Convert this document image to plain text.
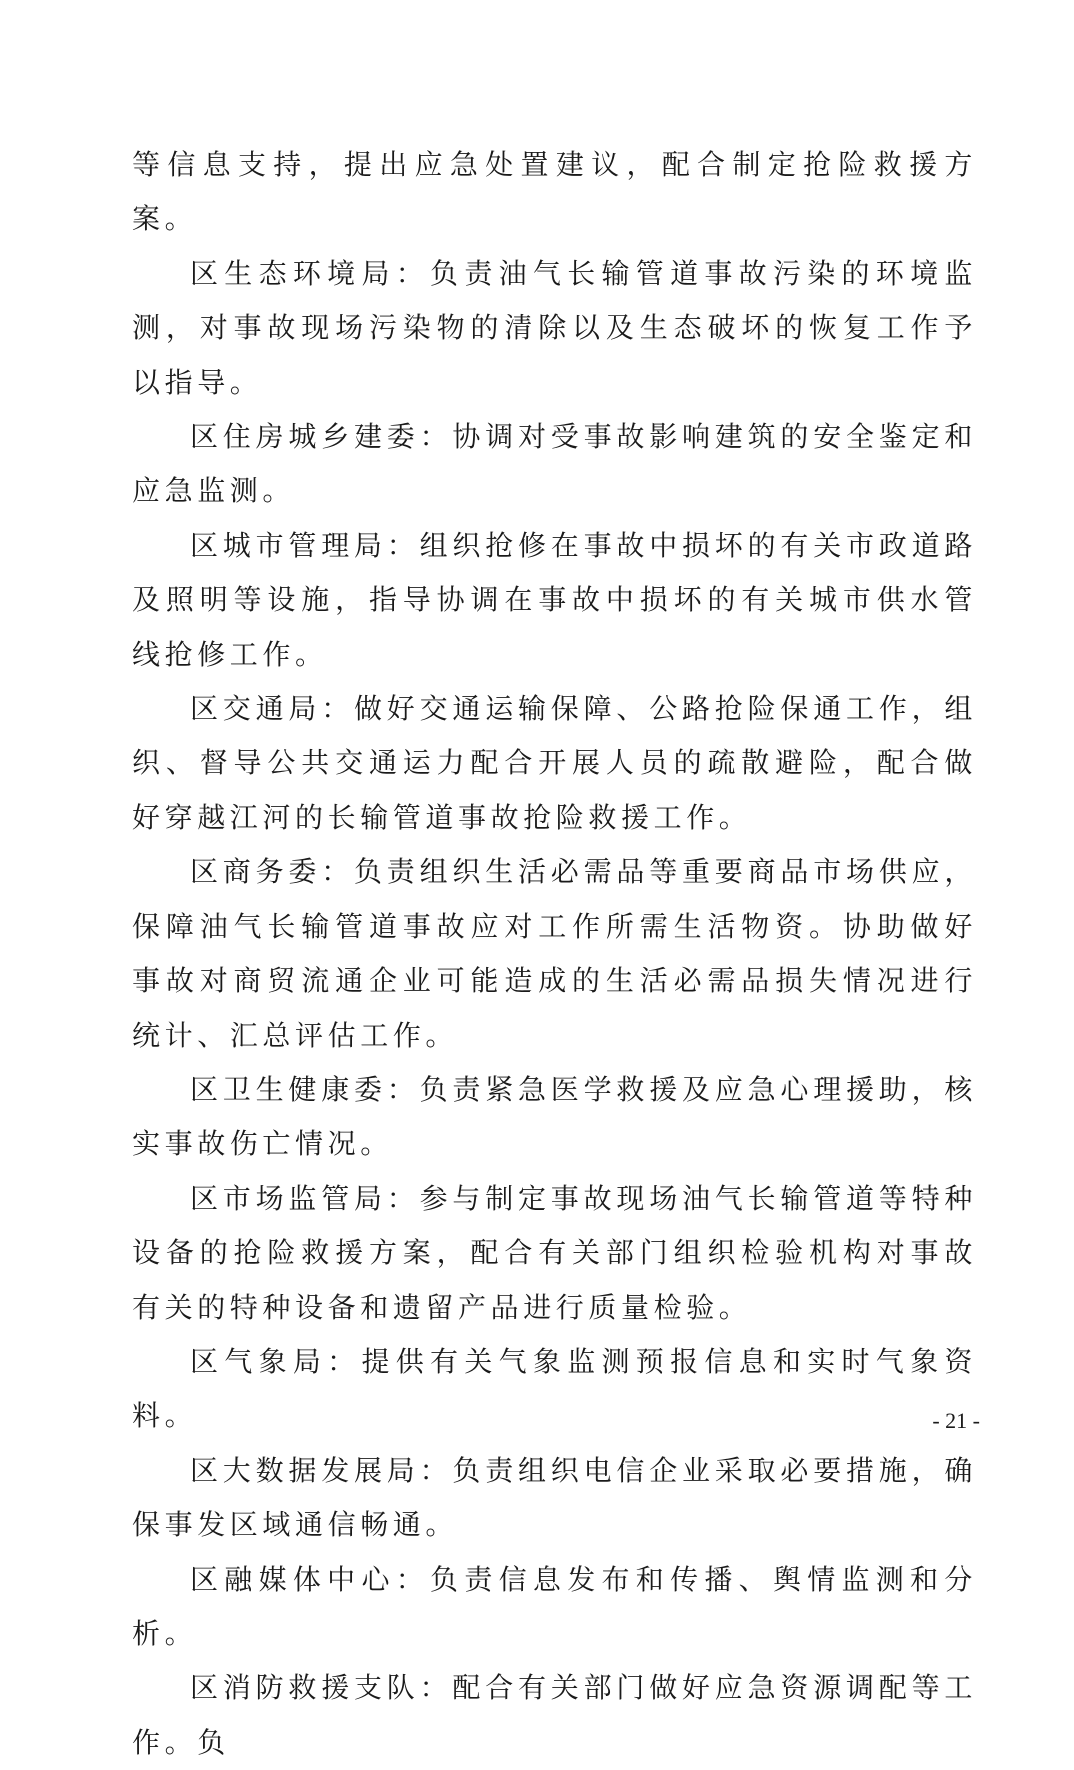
等信息支持，提出应急处置建议，配合制定抢险救援方案。

区生态环境局：负责油气长输管道事故污染的环境监测，对事故现场污染物的清除以及生态破坏的恢复工作予以指导。

区住房城乡建委：协调对受事故影响建筑的安全鉴定和应急监测。

区城市管理局：组织抢修在事故中损坏的有关市政道路及照明等设施，指导协调在事故中损坏的有关城市供水管线抢修工作。

区交通局：做好交通运输保障、公路抢险保通工作，组织、督导公共交通运力配合开展人员的疏散避险，配合做好穿越江河的长输管道事故抢险救援工作。

区商务委：负责组织生活必需品等重要商品市场供应，保障油气长输管道事故应对工作所需生活物资。协助做好事故对商贸流通企业可能造成的生活必需品损失情况进行统计、汇总评估工作。

区卫生健康委：负责紧急医学救援及应急心理援助，核实事故伤亡情况。

区市场监管局：参与制定事故现场油气长输管道等特种设备的抢险救援方案，配合有关部门组织检验机构对事故有关的特种设备和遗留产品进行质量检验。

区气象局：提供有关气象监测预报信息和实时气象资料。

区大数据发展局：负责组织电信企业采取必要措施，确保事发区域通信畅通。

区融媒体中心：负责信息发布和传播、舆情监测和分析。

区消防救援支队：配合有关部门做好应急资源调配等工作。负

- 21 -
